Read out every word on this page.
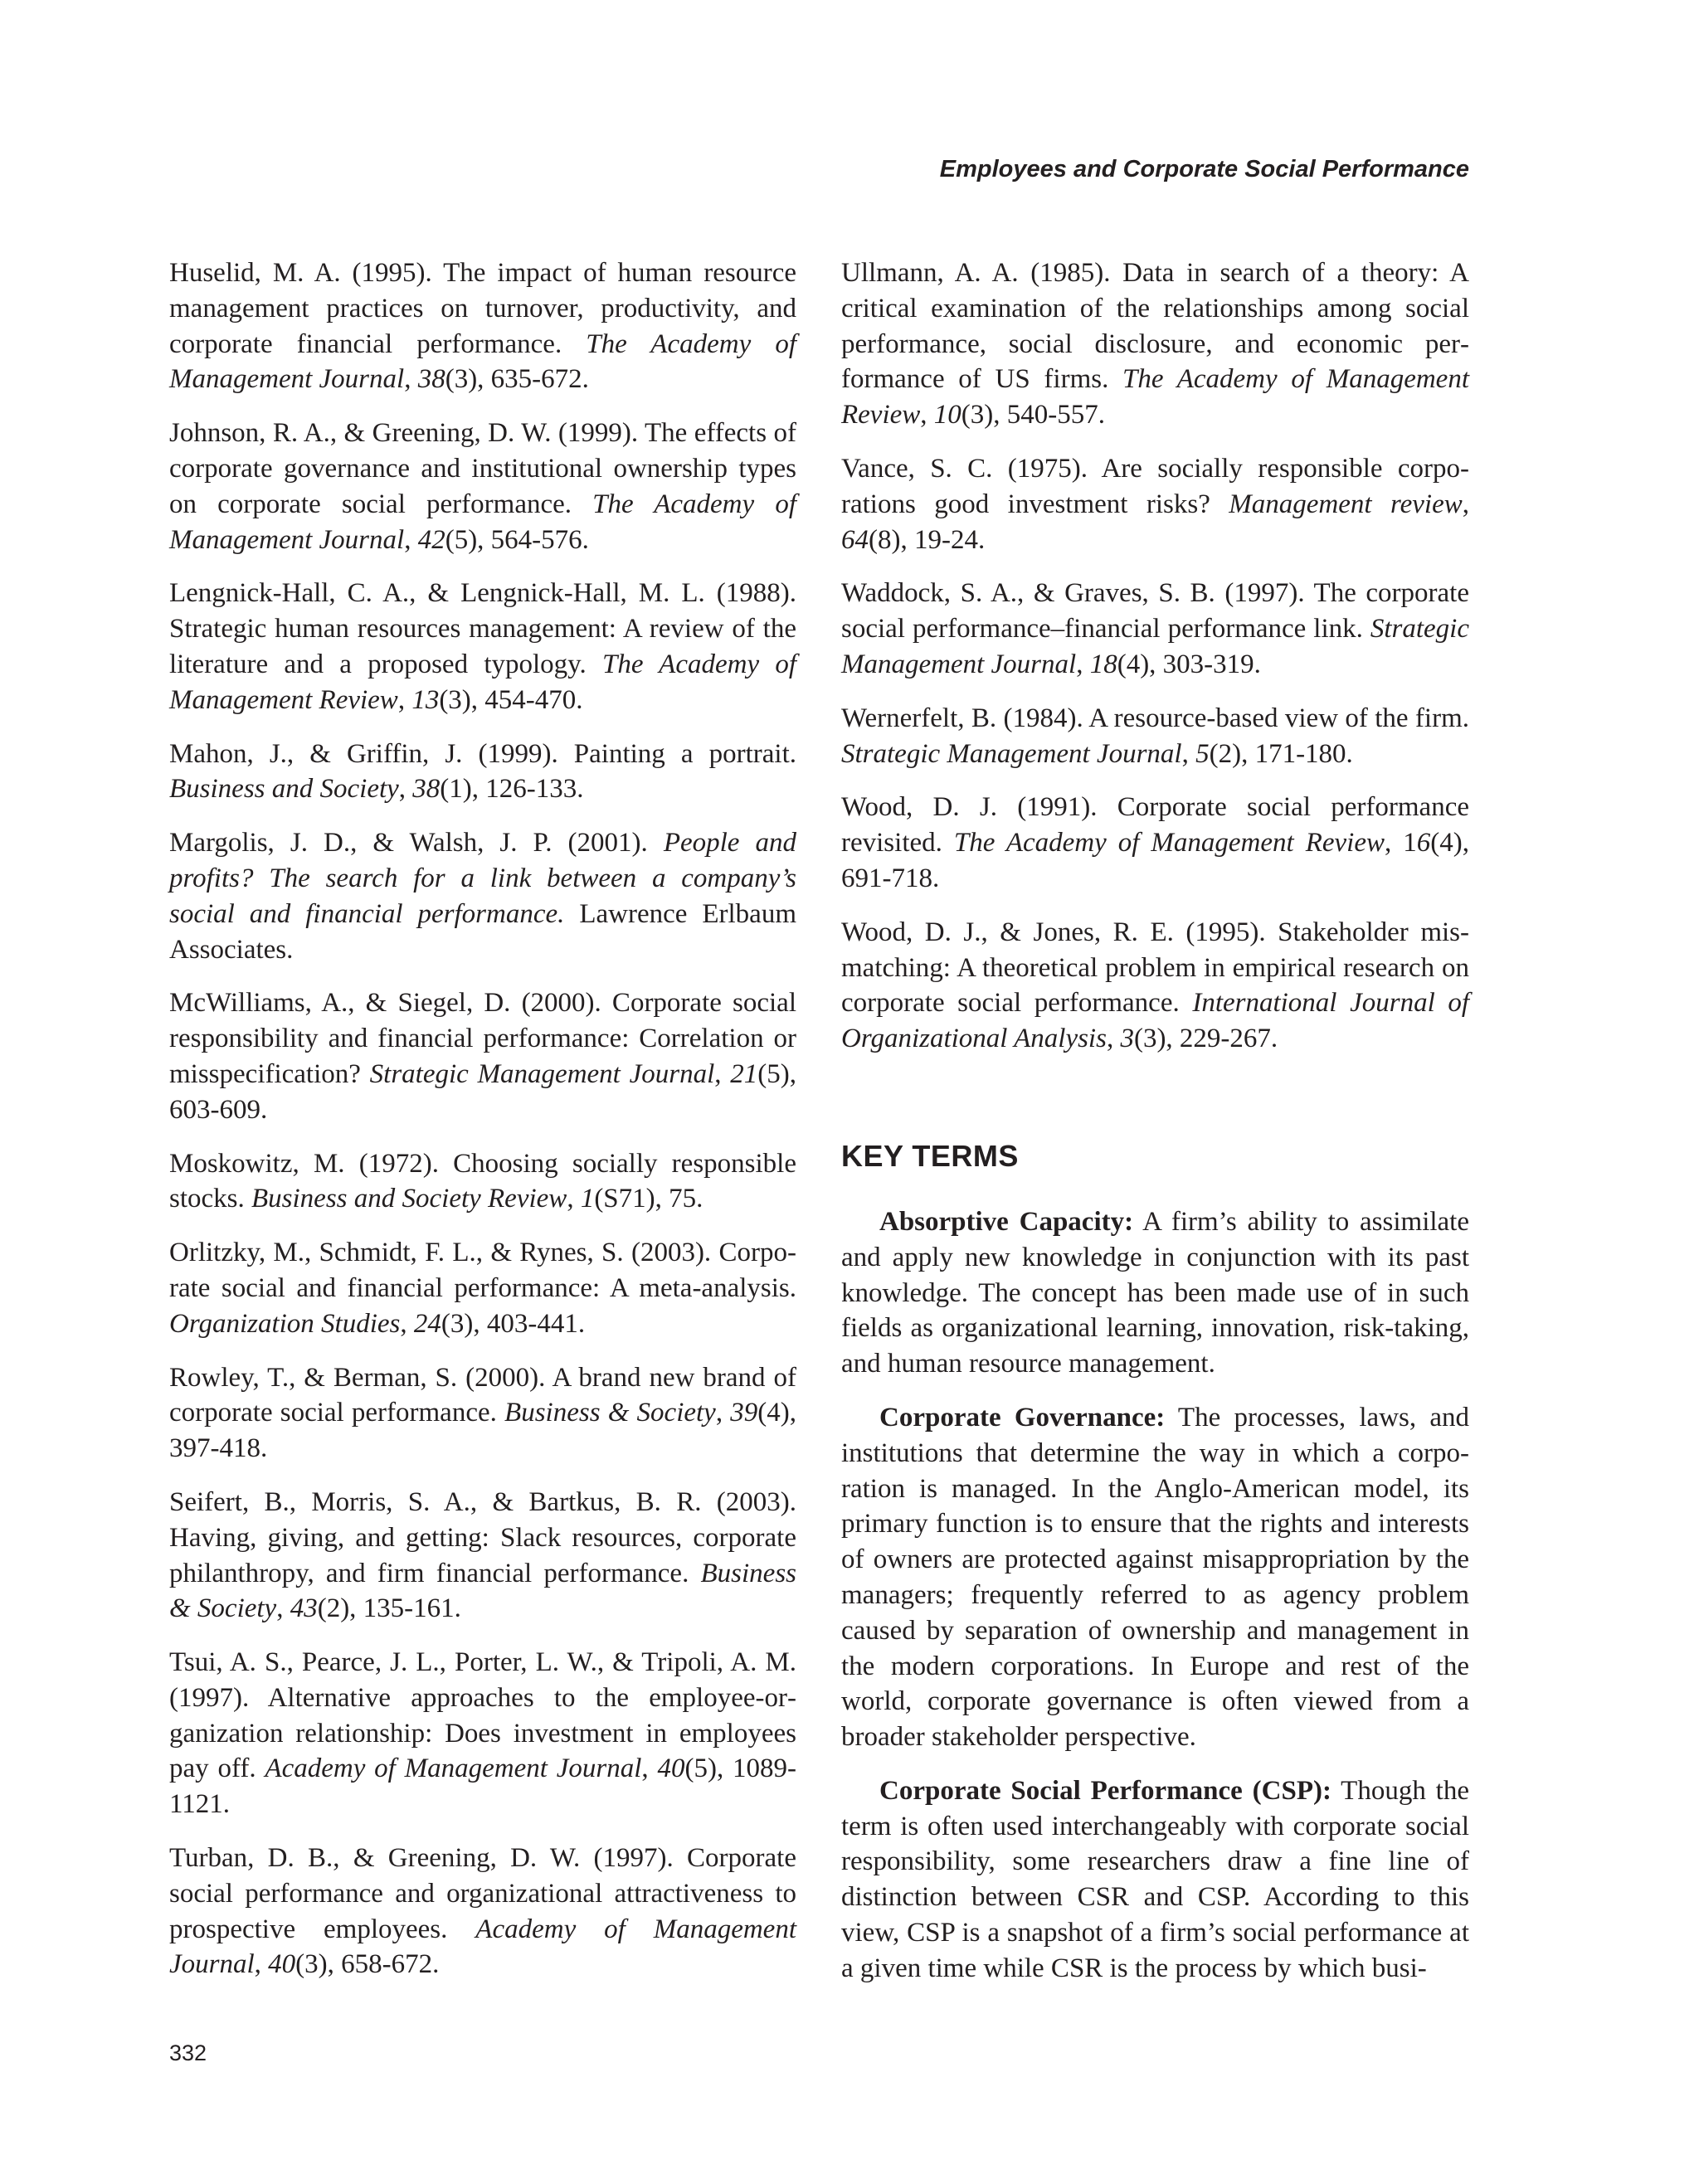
Employees and Corporate Social Performance

Huselid, M. A. (1995). The impact of human resource management practices on turnover, productivity, and corporate financial performance. The Academy of Management Journal, 38(3), 635-672.

Johnson, R. A., & Greening, D. W. (1999). The effects of corporate governance and institutional ownership types on corporate social performance. The Academy of Management Journal, 42(5), 564-576.

Lengnick-Hall, C. A., & Lengnick-Hall, M. L. (1988). Strategic human resources management: A review of the literature and a proposed typology. The Academy of Management Review, 13(3), 454-470.

Mahon, J., & Griffin, J. (1999). Painting a portrait. Business and Society, 38(1), 126-133.

Margolis, J. D., & Walsh, J. P. (2001). People and profits? The search for a link between a company’s social and financial performance. Lawrence Erlbaum Associates.

McWilliams, A., & Siegel, D. (2000). Corporate social responsibility and financial performance: Correlation or misspecification? Strategic Management Journal, 21(5), 603-609.

Moskowitz, M. (1972). Choosing socially responsible stocks. Business and Society Review, 1(S71), 75.

Orlitzky, M., Schmidt, F. L., & Rynes, S. (2003). Corporate social and financial performance: A meta-analysis. Organization Studies, 24(3), 403-441.

Rowley, T., & Berman, S. (2000). A brand new brand of corporate social performance. Business & Society, 39(4), 397-418.

Seifert, B., Morris, S. A., & Bartkus, B. R. (2003). Having, giving, and getting: Slack resources, corporate philanthropy, and firm financial performance. Business & Society, 43(2), 135-161.

Tsui, A. S., Pearce, J. L., Porter, L. W., & Tripoli, A. M. (1997). Alternative approaches to the employee-organization relationship: Does investment in employees pay off. Academy of Management Journal, 40(5), 1089-1121.

Turban, D. B., & Greening, D. W. (1997). Corporate social performance and organizational attractiveness to prospective employees. Academy of Management Journal, 40(3), 658-672.

Ullmann, A. A. (1985). Data in search of a theory: A critical examination of the relationships among social performance, social disclosure, and economic performance of US firms. The Academy of Management Review, 10(3), 540-557.

Vance, S. C. (1975). Are socially responsible corporations good investment risks? Management review, 64(8), 19-24.

Waddock, S. A., & Graves, S. B. (1997). The corporate social performance–financial performance link. Strategic Management Journal, 18(4), 303-319.

Wernerfelt, B. (1984). A resource-based view of the firm. Strategic Management Journal, 5(2), 171-180.

Wood, D. J. (1991). Corporate social performance revisited. The Academy of Management Review, 16(4), 691-718.

Wood, D. J., & Jones, R. E. (1995). Stakeholder mismatching: A theoretical problem in empirical research on corporate social performance. International Journal of Organizational Analysis, 3(3), 229-267.

KEY TERMS

Absorptive Capacity: A firm’s ability to assimilate and apply new knowledge in conjunction with its past knowledge. The concept has been made use of in such fields as organizational learning, innovation, risk-taking, and human resource management.

Corporate Governance: The processes, laws, and institutions that determine the way in which a corporation is managed. In the Anglo-American model, its primary function is to ensure that the rights and interests of owners are protected against misappropriation by the managers; frequently referred to as agency problem caused by separation of ownership and management in the modern corporations. In Europe and rest of the world, corporate governance is often viewed from a broader stakeholder perspective.

Corporate Social Performance (CSP): Though the term is often used interchangeably with corporate social responsibility, some researchers draw a fine line of distinction between CSR and CSP. According to this view, CSP is a snapshot of a firm’s social performance at a given time while CSR is the process by which busi-

332
